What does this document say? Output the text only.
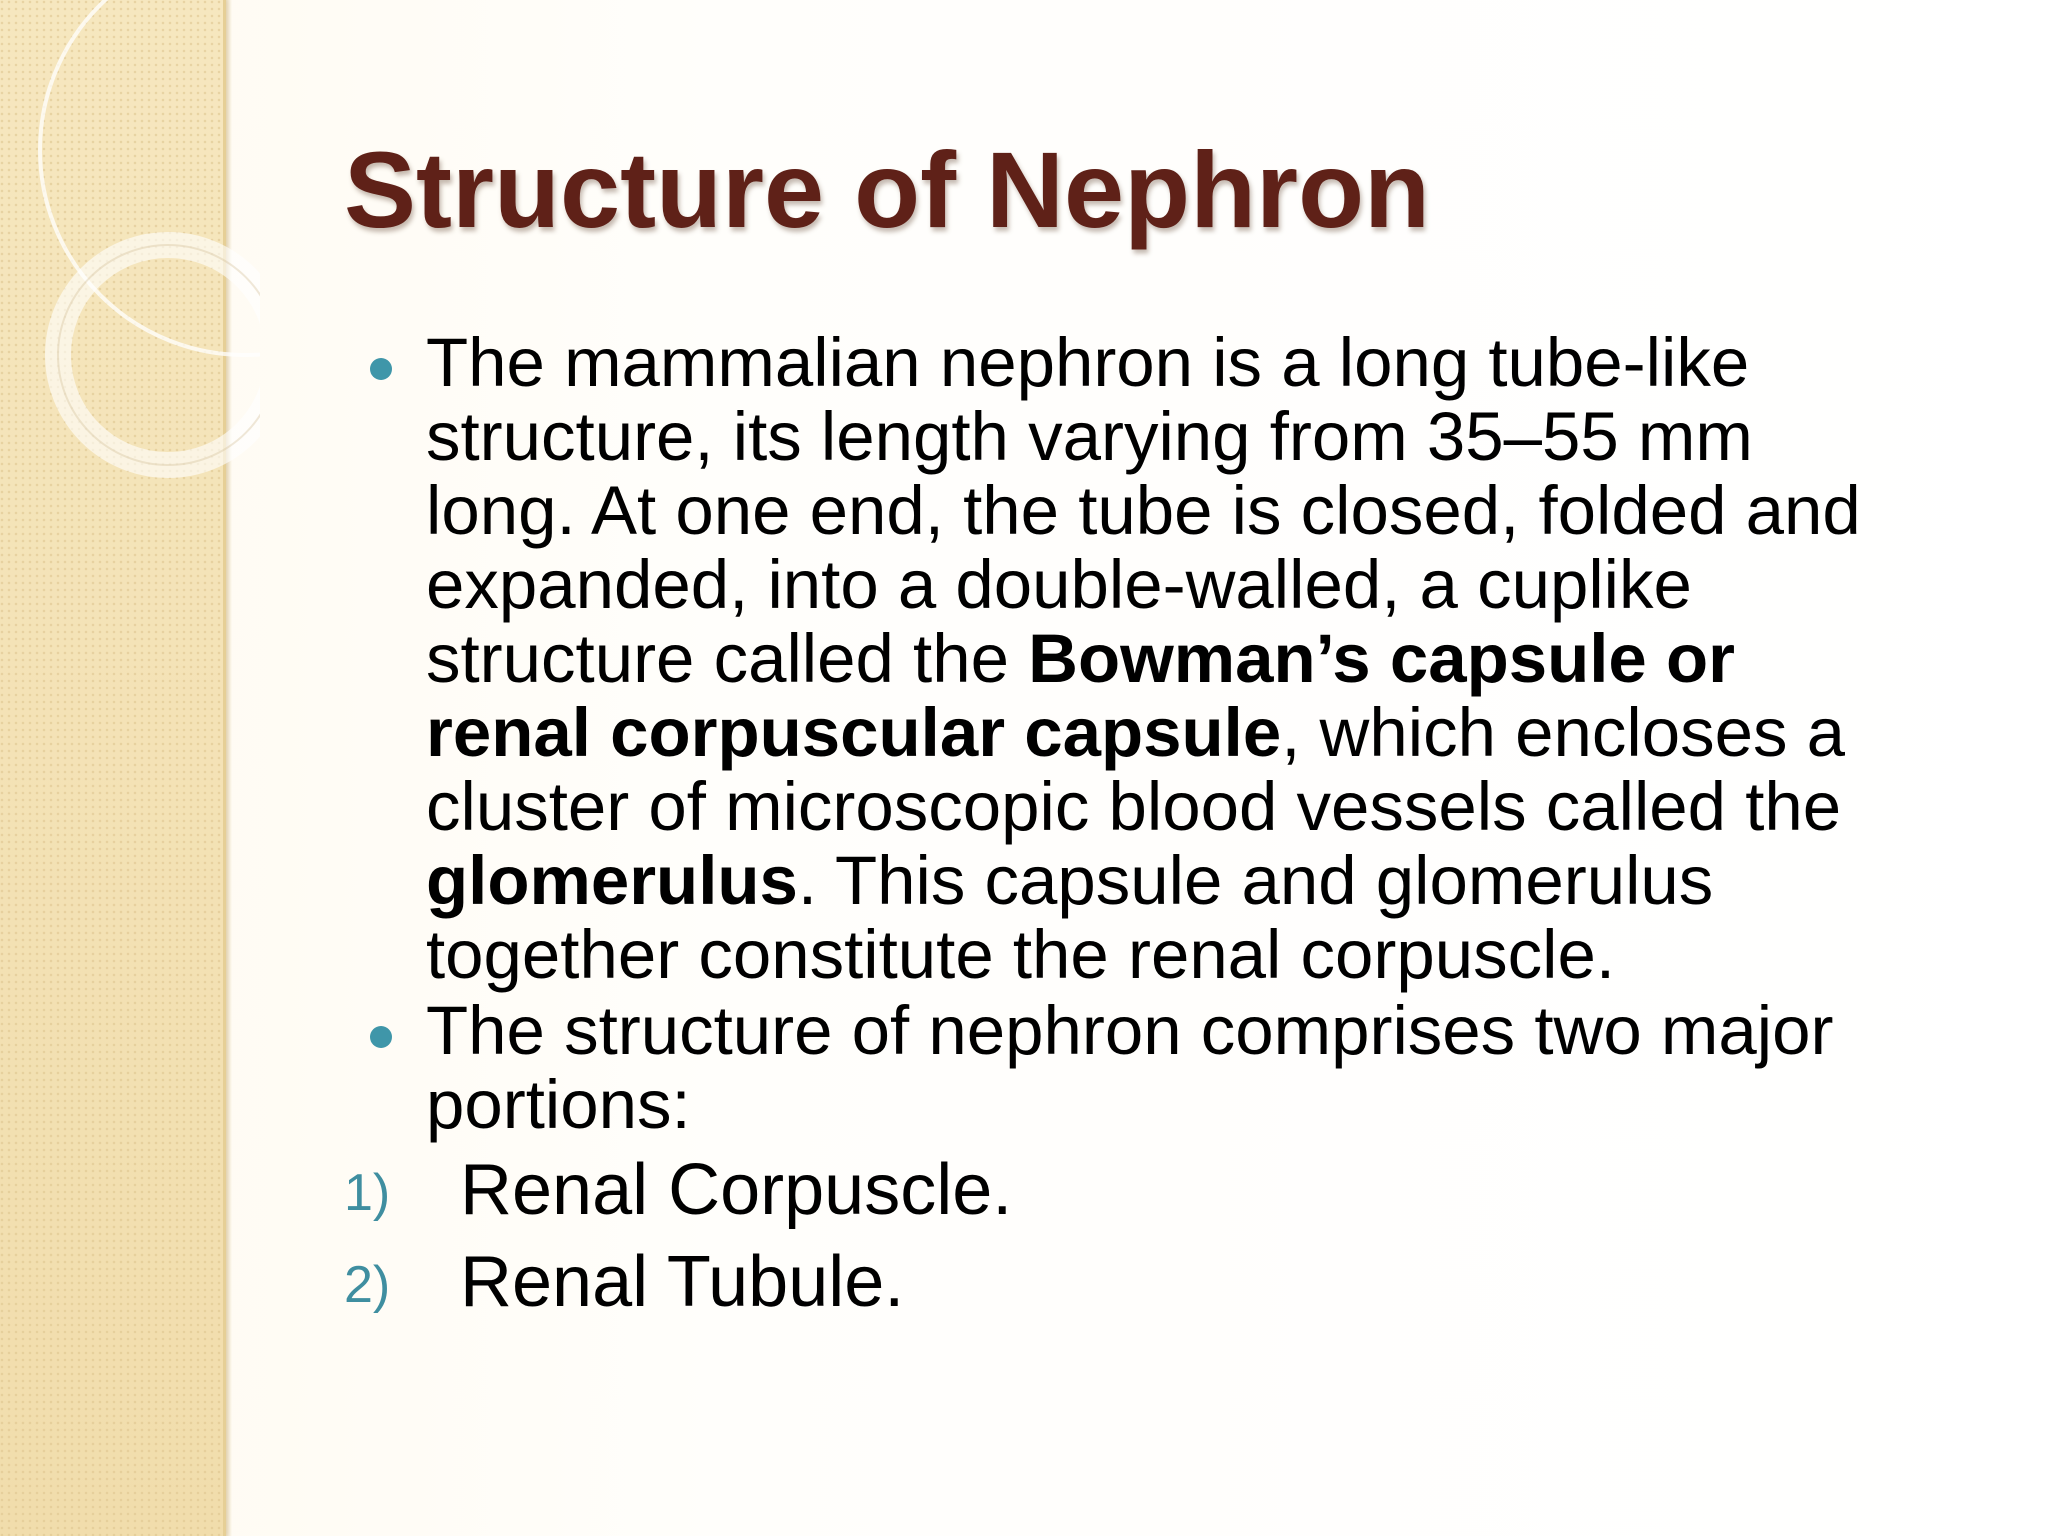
Structure of Nephron
The mammalian nephron is a long tube-like structure, its length varying from 35–55 mm long. At one end, the tube is closed, folded and expanded, into a double-walled, a cuplike structure called the Bowman’s capsule or renal corpuscular capsule, which encloses a cluster of microscopic blood vessels called the glomerulus. This capsule and glomerulus together constitute the renal corpuscle.
The structure of nephron comprises two major portions:
1) Renal Corpuscle.
2) Renal Tubule.
